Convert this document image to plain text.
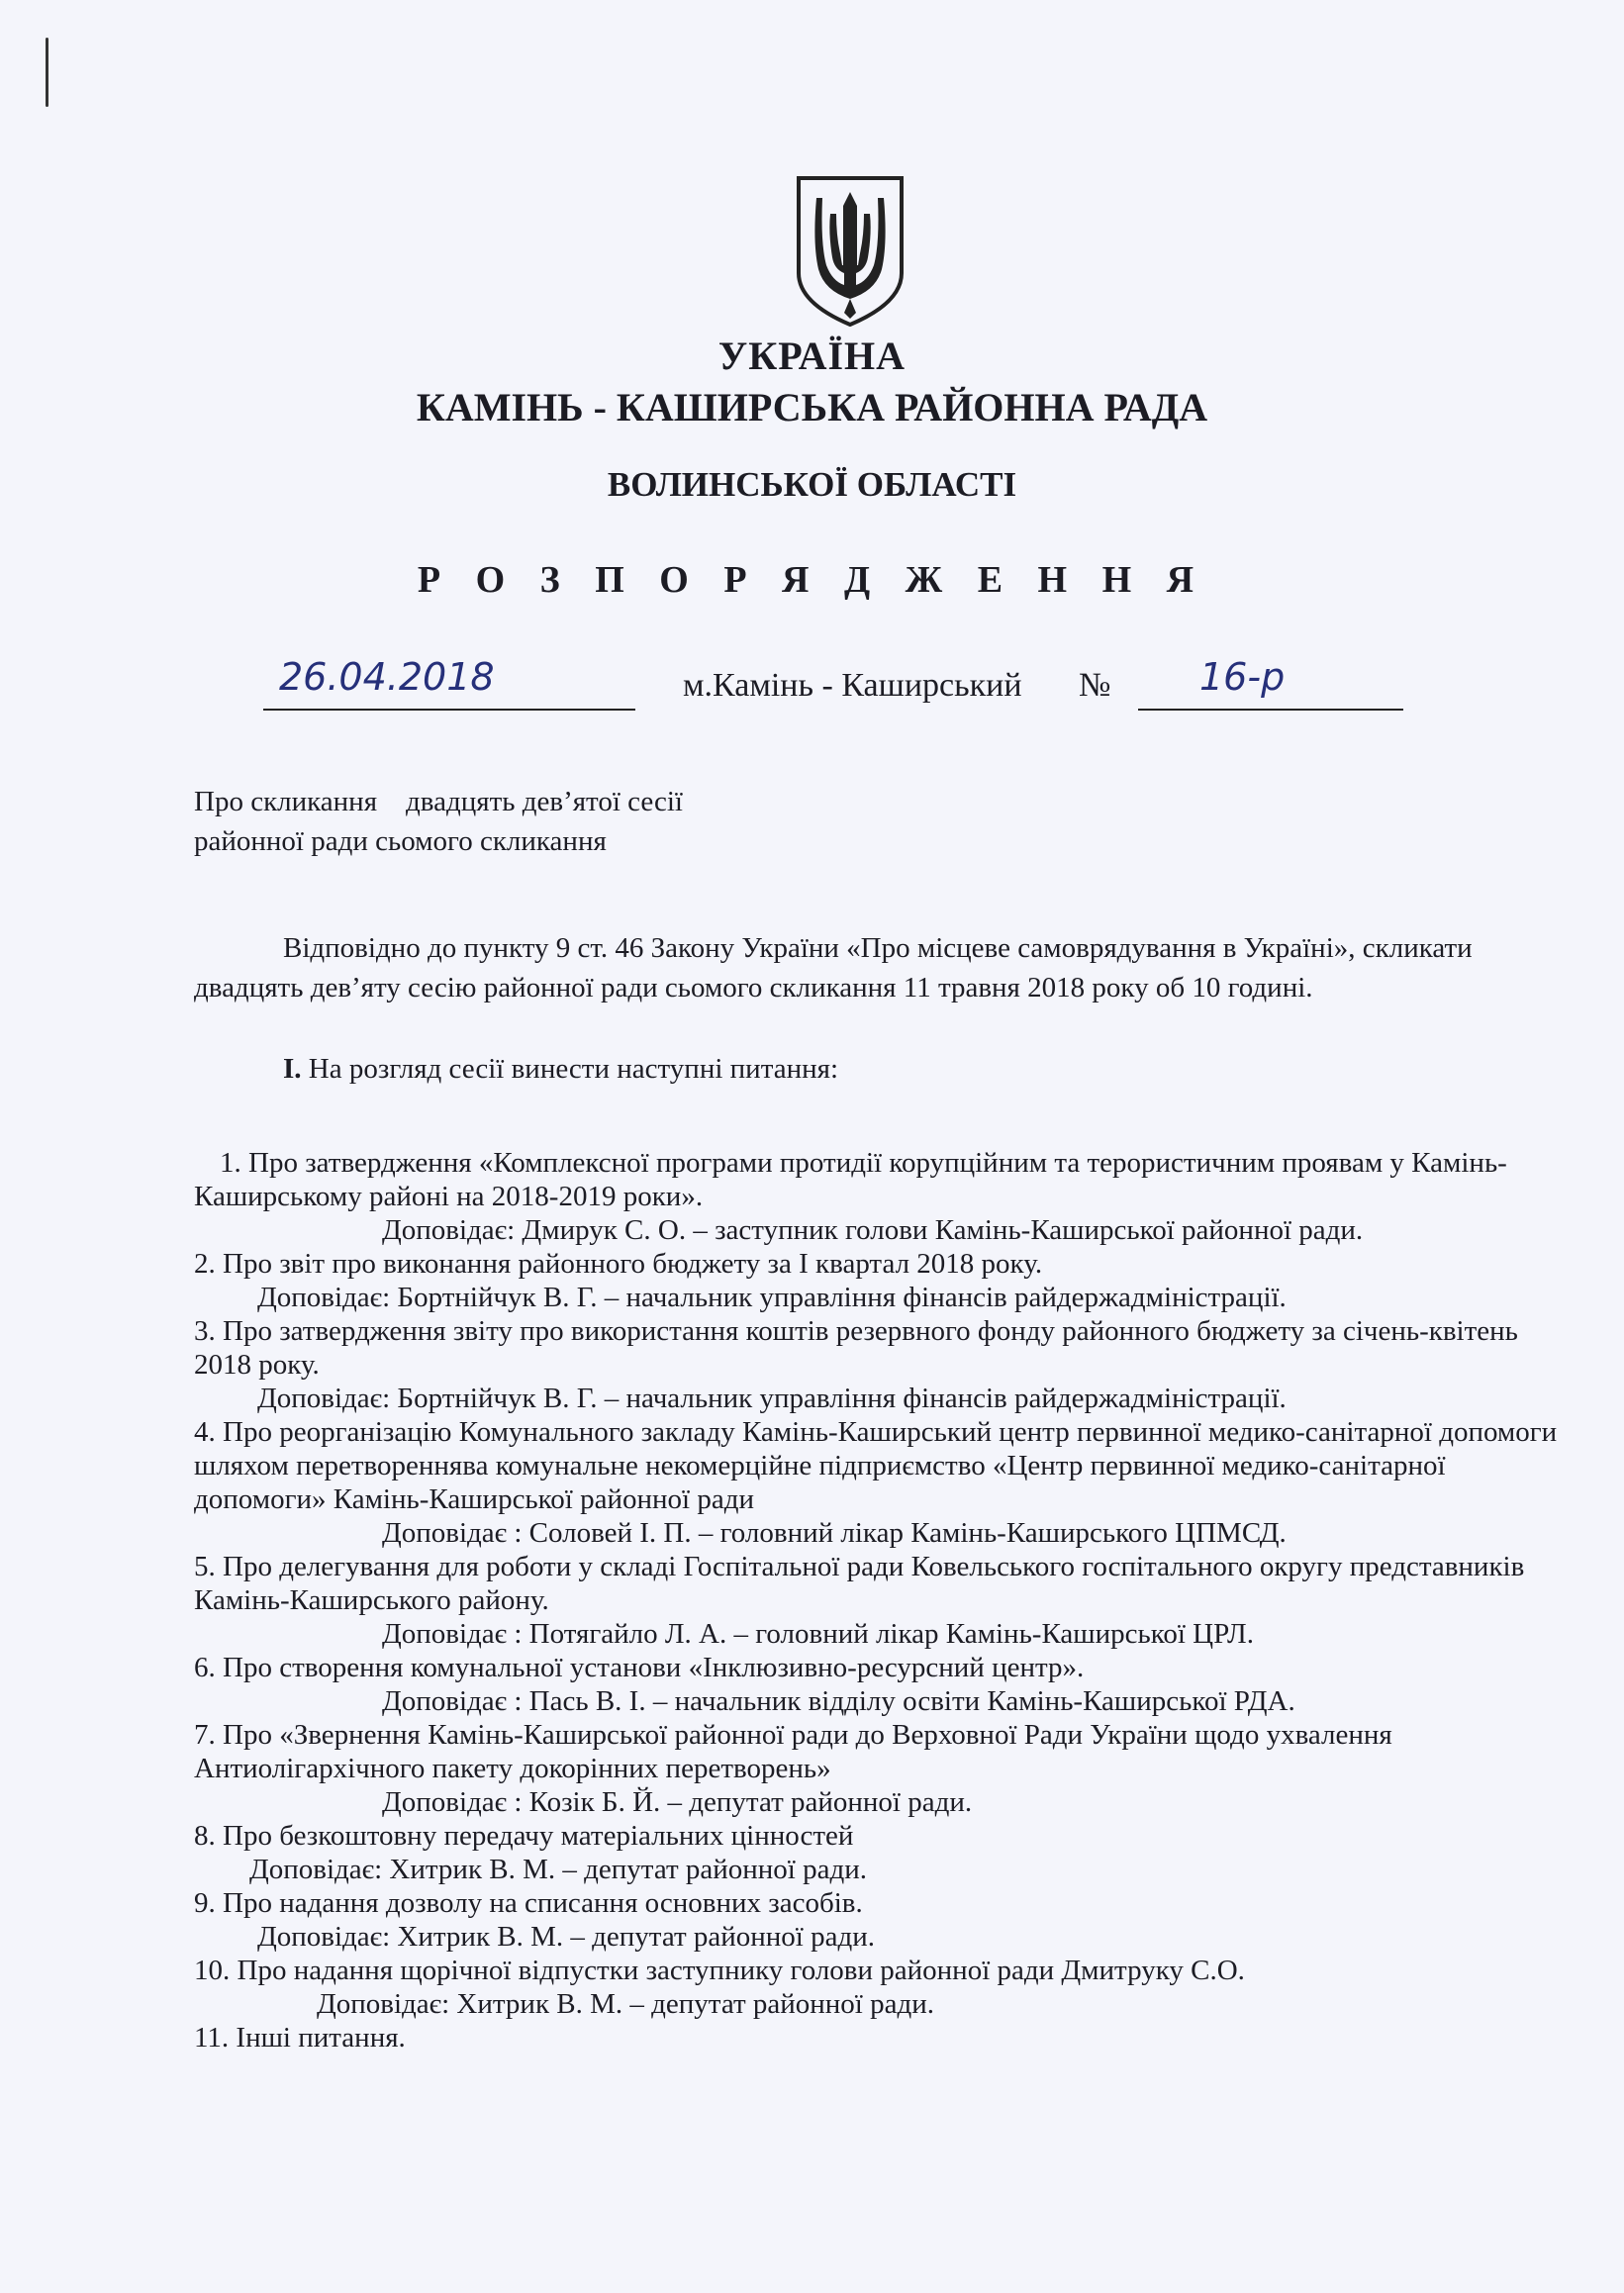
УКРАЇНА
КАМІНЬ - КАШИРСЬКА РАЙОННА РАДА
ВОЛИНСЬКОЇ ОБЛАСТІ
Р О З П О Р Я Д Ж Е Н Н Я
26.04.2018	м.Камінь - Каширський № 16-р
Про скликання    двадцять дев’ятої сесії
районної ради сьомого скликання

Відповідно до пункту 9 ст. 46 Закону України «Про місцеве самоврядування в Україні», скликати двадцять дев’яту сесію районної ради сьомого скликання 11 травня 2018 року об 10 годині.

І. На розгляд сесії винести наступні питання:

1. Про затвердження «Комплексної програми протидії корупційним та терористичним проявам у Камінь-Каширському районі на 2018-2019 роки».

Доповідає: Дмирук С. О. – заступник голови Камінь-Каширської районної ради.

2. Про звіт про виконання районного бюджету за І квартал 2018 року.

Доповідає: Бортнійчук В. Г. – начальник управління фінансів райдержадміністрації.

3. Про затвердження звіту про використання коштів резервного фонду районного бюджету за січень-квітень 2018 року.

Доповідає: Бортнійчук В. Г. – начальник управління фінансів райдержадміністрації.

4. Про реорганізацію Комунального закладу Камінь-Каширський центр первинної медико-санітарної допомоги шляхом перетвореннява комунальне некомерційне підприємство «Центр первинної медико-санітарної допомоги» Камінь-Каширської районної ради

Доповідає : Соловей І. П. – головний лікар Камінь-Каширського ЦПМСД.

5. Про делегування для роботи у складі Госпітальної ради Ковельського госпітального округу представників Камінь-Каширського району.

Доповідає : Потягайло Л. А. – головний лікар Камінь-Каширської ЦРЛ.

6. Про створення комунальної установи «Інклюзивно-ресурсний центр».

Доповідає : Пась В. І. – начальник відділу освіти Камінь-Каширської РДА.

7. Про «Звернення Камінь-Каширської районної ради до Верховної Ради України щодо ухвалення Антиолігархічного пакету докорінних перетворень»

Доповідає : Козік Б. Й. – депутат районної ради.

8. Про безкоштовну передачу матеріальних цінностей

Доповідає: Хитрик В. М. – депутат районної ради.

9. Про надання дозволу на списання основних засобів.

Доповідає: Хитрик В. М. – депутат районної ради.

10. Про надання щорічної відпустки заступнику голови районної ради Дмитруку С.О.

Доповідає: Хитрик В. М. – депутат районної ради.

11. Інші питання.
